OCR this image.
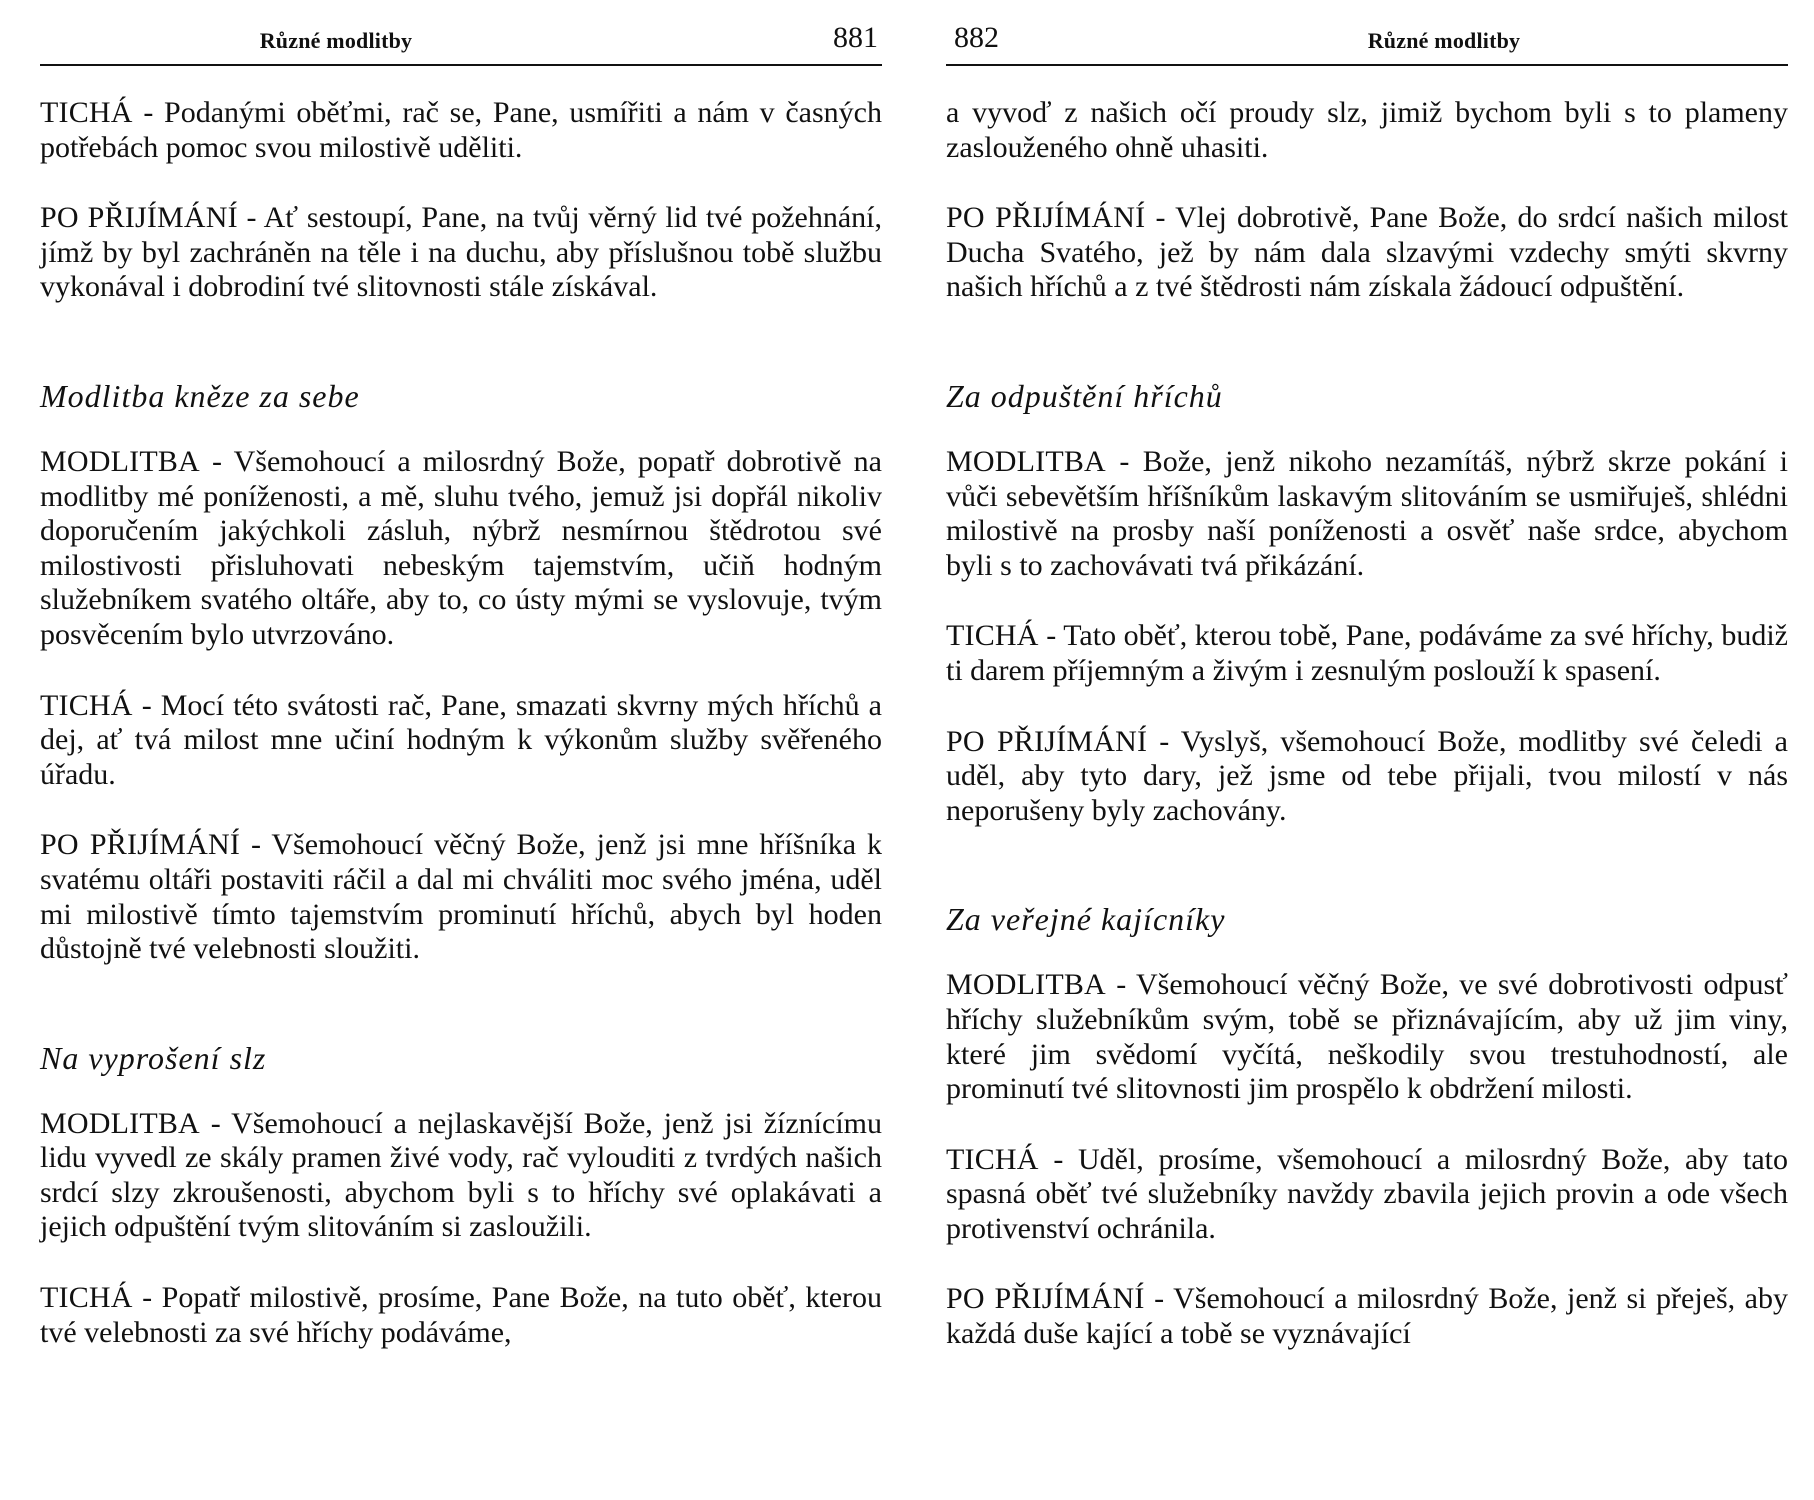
Různé modlitby	881

TICHÁ - Podanými oběťmi, rač se, Pane, usmířiti a nám v časných potřebách pomoc svou milostivě uděliti.

PO PŘIJÍMÁNÍ - Ať sestoupí, Pane, na tvůj věrný lid tvé požehnání, jímž by byl zachráněn na těle i na duchu, aby příslušnou tobě službu vykonával i dobrodiní tvé slitovnosti stále získával.

Modlitba kněze za sebe

MODLITBA - Všemohoucí a milosrdný Bože, popatř dobrotivě na modlitby mé poníženosti, a mě, sluhu tvého, jemuž jsi dopřál nikoliv doporučením jakýchkoli zásluh, nýbrž nesmírnou štědrotou své milostivosti přisluhovati nebeským tajemstvím, učiň hodným služebníkem svatého oltáře, aby to, co ústy mými se vyslovuje, tvým posvěcením bylo utvrzováno.

TICHÁ - Mocí této svátosti rač, Pane, smazati skvrny mých hříchů a dej, ať tvá milost mne učiní hodným k výkonům služby svěřeného úřadu.

PO PŘIJÍMÁNÍ - Všemohoucí věčný Bože, jenž jsi mne hříšníka k svatému oltáři postaviti ráčil a dal mi chváliti moc svého jména, uděl mi milostivě tímto tajemstvím prominutí hříchů, abych byl hoden důstojně tvé velebnosti sloužiti.

Na vyprošení slz

MODLITBA - Všemohoucí a nejlaskavější Bože, jenž jsi žíznícímu lidu vyvedl ze skály pramen živé vody, rač vylouditi z tvrdých našich srdcí slzy zkroušenosti, abychom byli s to hříchy své oplakávati a jejich odpuštění tvým slitováním si zasloužili.

TICHÁ - Popatř milostivě, prosíme, Pane Bože, na tuto oběť, kterou tvé velebnosti za své hříchy podáváme,

882	Různé modlitby

a vyvoď z našich očí proudy slz, jimiž bychom byli s to plameny zaslouženého ohně uhasiti.

PO PŘIJÍMÁNÍ - Vlej dobrotivě, Pane Bože, do srdcí našich milost Ducha Svatého, jež by nám dala slzavými vzdechy smýti skvrny našich hříchů a z tvé štědrosti nám získala žádoucí odpuštění.

Za odpuštění hříchů

MODLITBA - Bože, jenž nikoho nezamítáš, nýbrž skrze pokání i vůči sebevětším hříšníkům laskavým slitováním se usmiřuješ, shlédni milostivě na prosby naší poníženosti a osvěť naše srdce, abychom byli s to zachovávati tvá přikázání.

TICHÁ - Tato oběť, kterou tobě, Pane, podáváme za své hříchy, budiž ti darem příjemným a živým i zesnulým poslouží k spasení.

PO PŘIJÍMÁNÍ - Vyslyš, všemohoucí Bože, modlitby své čeledi a uděl, aby tyto dary, jež jsme od tebe přijali, tvou milostí v nás neporušeny byly zachovány.

Za veřejné kajícníky

MODLITBA - Všemohoucí věčný Bože, ve své dobrotivosti odpusť hříchy služebníkům svým, tobě se přiznávajícím, aby už jim viny, které jim svědomí vyčítá, neškodily svou trestuhodností, ale prominutí tvé slitovnosti jim prospělo k obdržení milosti.

TICHÁ - Uděl, prosíme, všemohoucí a milosrdný Bože, aby tato spasná oběť tvé služebníky navždy zbavila jejich provin a ode všech protivenství ochránila.

PO PŘIJÍMÁNÍ - Všemohoucí a milosrdný Bože, jenž si přeješ, aby každá duše kající a tobě se vyznávající
